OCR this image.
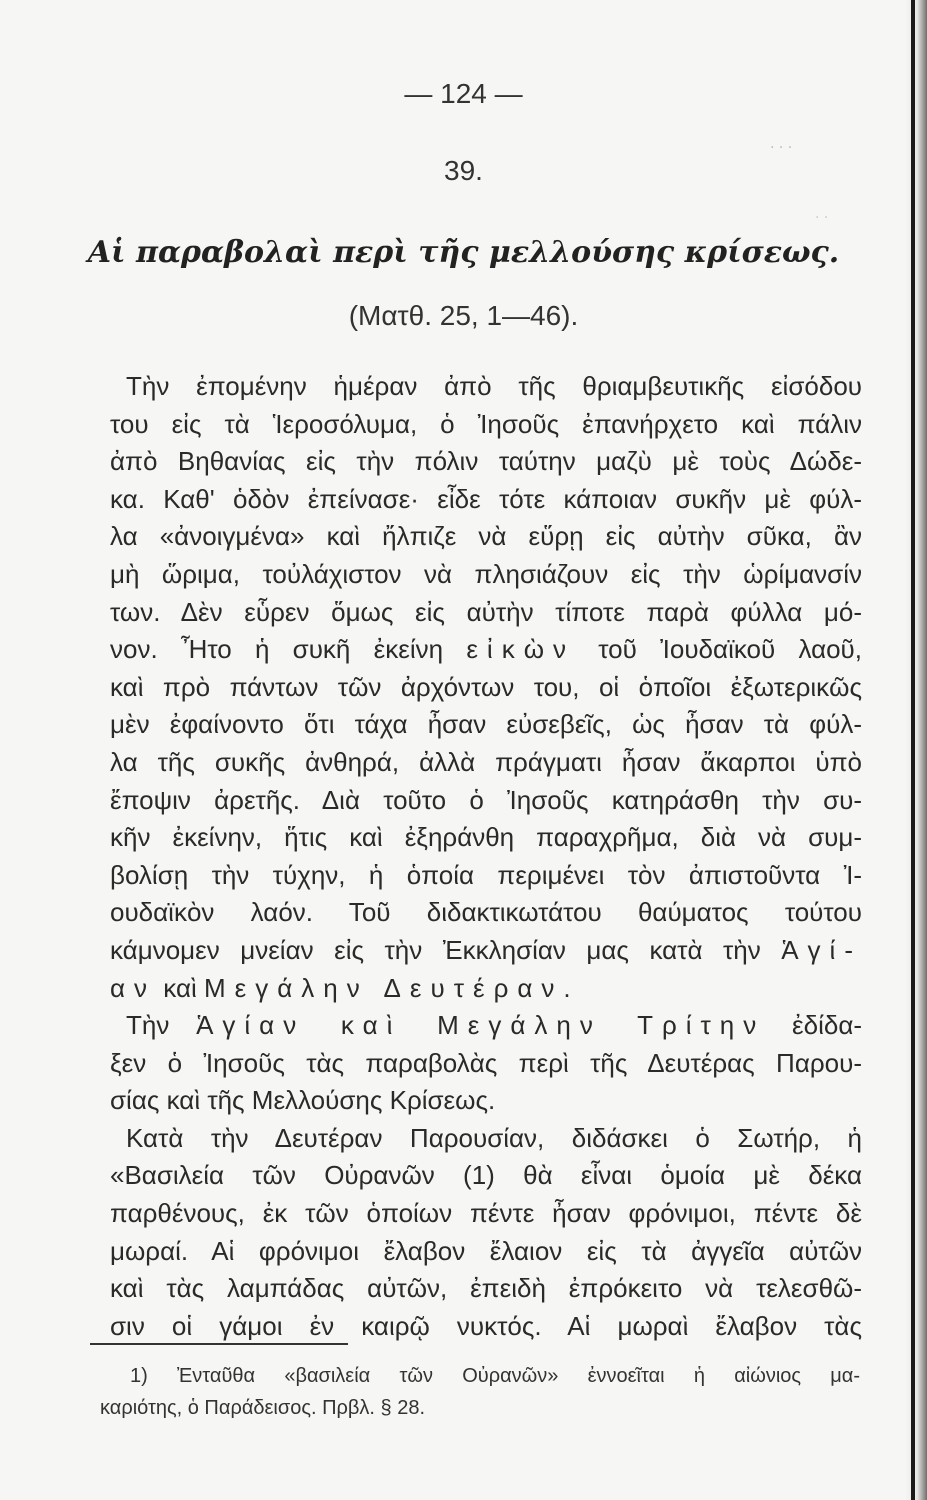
· · ·
· ·
— 124 —
39.
Αἱ παραβολαὶ περὶ τῆς μελλούσης κρίσεως.
(Ματθ. 25, 1—46).
Τὴν ἐπομένην ἡμέραν ἀπὸ τῆς θριαμβευτικῆς εἰσόδου
του εἰς τὰ Ἱεροσόλυμα, ὁ Ἰησοῦς ἐπανήρχετο καὶ πάλιν
ἀπὸ Βηθανίας εἰς τὴν πόλιν ταύτην μαζὺ μὲ τοὺς Δώδε-
κα. Καθ' ὁδὸν ἐπείνασε· εἶδε τότε κάποιαν συκῆν μὲ φύλ-
λα «ἀνοιγμένα» καὶ ἤλπιζε νὰ εὕρῃ εἰς αὐτὴν σῦκα, ἂν
μὴ ὥριμα, τοὐλάχιστον νὰ πλησιάζουν εἰς τὴν ὡρίμανσίν
των. Δὲν εὗρεν ὅμως εἰς αὐτὴν τίποτε παρὰ φύλλα μό-
νον. Ἦτο ἡ συκῆ ἐκείνη εἰκὼν τοῦ Ἰουδαϊκοῦ λαοῦ,
καὶ πρὸ πάντων τῶν ἀρχόντων του, οἱ ὁποῖοι ἐξωτερικῶς
μὲν ἐφαίνοντο ὅτι τάχα ἦσαν εὐσεβεῖς, ὡς ἦσαν τὰ φύλ-
λα τῆς συκῆς ἀνθηρά, ἀλλὰ πράγματι ἦσαν ἄκαρποι ὑπὸ
ἔποψιν ἀρετῆς. Διὰ τοῦτο ὁ Ἰησοῦς κατηράσθη τὴν συ-
κῆν ἐκείνην, ἥτις καὶ ἐξηράνθη παραχρῆμα, διὰ νὰ συμ-
βολίσῃ τὴν τύχην, ἡ ὁποία περιμένει τὸν ἀπιστοῦντα Ἰ-
ουδαϊκὸν λαόν. Τοῦ διδακτικωτάτου θαύματος τούτου
κάμνομεν μνείαν εἰς τὴν Ἐκκλησίαν μας κατὰ τὴν Ἁγί-
αν καὶ Μεγάλην Δευτέραν.
Τὴν Ἁγίαν καὶ Μεγάλην Τρίτην ἐδίδα-
ξεν ὁ Ἰησοῦς τὰς παραβολὰς περὶ τῆς Δευτέρας Παρου-
σίας καὶ τῆς Μελλούσης Κρίσεως.
Κατὰ τὴν Δευτέραν Παρουσίαν, διδάσκει ὁ Σωτήρ, ἡ
«Βασιλεία τῶν Οὐρανῶν (1) θὰ εἶναι ὁμοία μὲ δέκα
παρθένους, ἐκ τῶν ὁποίων πέντε ἦσαν φρόνιμοι, πέντε δὲ
μωραί. Αἱ φρόνιμοι ἔλαβον ἔλαιον εἰς τὰ ἀγγεῖα αὐτῶν
καὶ τὰς λαμπάδας αὐτῶν, ἐπειδὴ ἐπρόκειτο νὰ τελεσθῶ-
σιν οἱ γάμοι ἐν καιρῷ νυκτός. Αἱ μωραὶ ἔλαβον τὰς
1) Ἐνταῦθα «βασιλεία τῶν Οὐρανῶν» ἐννοεῖται ἡ αἰώνιος μα-
καριότης, ὁ Παράδεισος. Πρβλ. § 28.
